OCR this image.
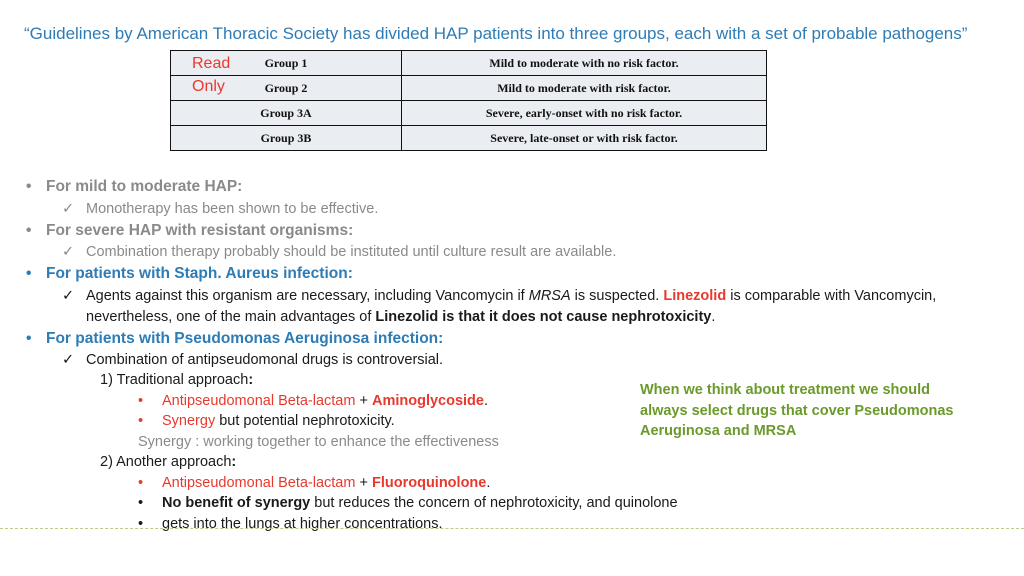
“Guidelines by American Thoracic Society has divided HAP patients into three groups, each with a set of probable pathogens”
Group 1	Mild to moderate with no risk factor.
Group 2	Mild to moderate with risk factor.
Group 3A	Severe, early-onset with no risk factor.
Group 3B	Severe, late-onset or with risk factor.
Read
Only
• For mild to moderate HAP:
✓ Monotherapy has been shown to be effective.
• For severe HAP with resistant organisms:
✓ Combination therapy probably should be instituted until culture result are available.
• For patients with Staph. Aureus infection:
✓ Agents against this organism are necessary, including Vancomycin if MRSA is suspected. Linezolid is comparable with Vancomycin,
nevertheless, one of the main advantages of Linezolid is that it does not cause nephrotoxicity.
• For patients with Pseudomonas Aeruginosa infection:
✓ Combination of antipseudomonal drugs is controversial.
1) Traditional approach:
• Antipseudomonal Beta-lactam + Aminoglycoside.
• Synergy but potential nephrotoxicity.
Synergy : working together to enhance the effectiveness
2) Another approach:
• Antipseudomonal Beta-lactam + Fluoroquinolone.
• No benefit of synergy but reduces the concern of nephrotoxicity, and quinolone
• gets into the lungs at higher concentrations.
When we think about treatment we should always select drugs that cover Pseudomonas Aeruginosa and MRSA
